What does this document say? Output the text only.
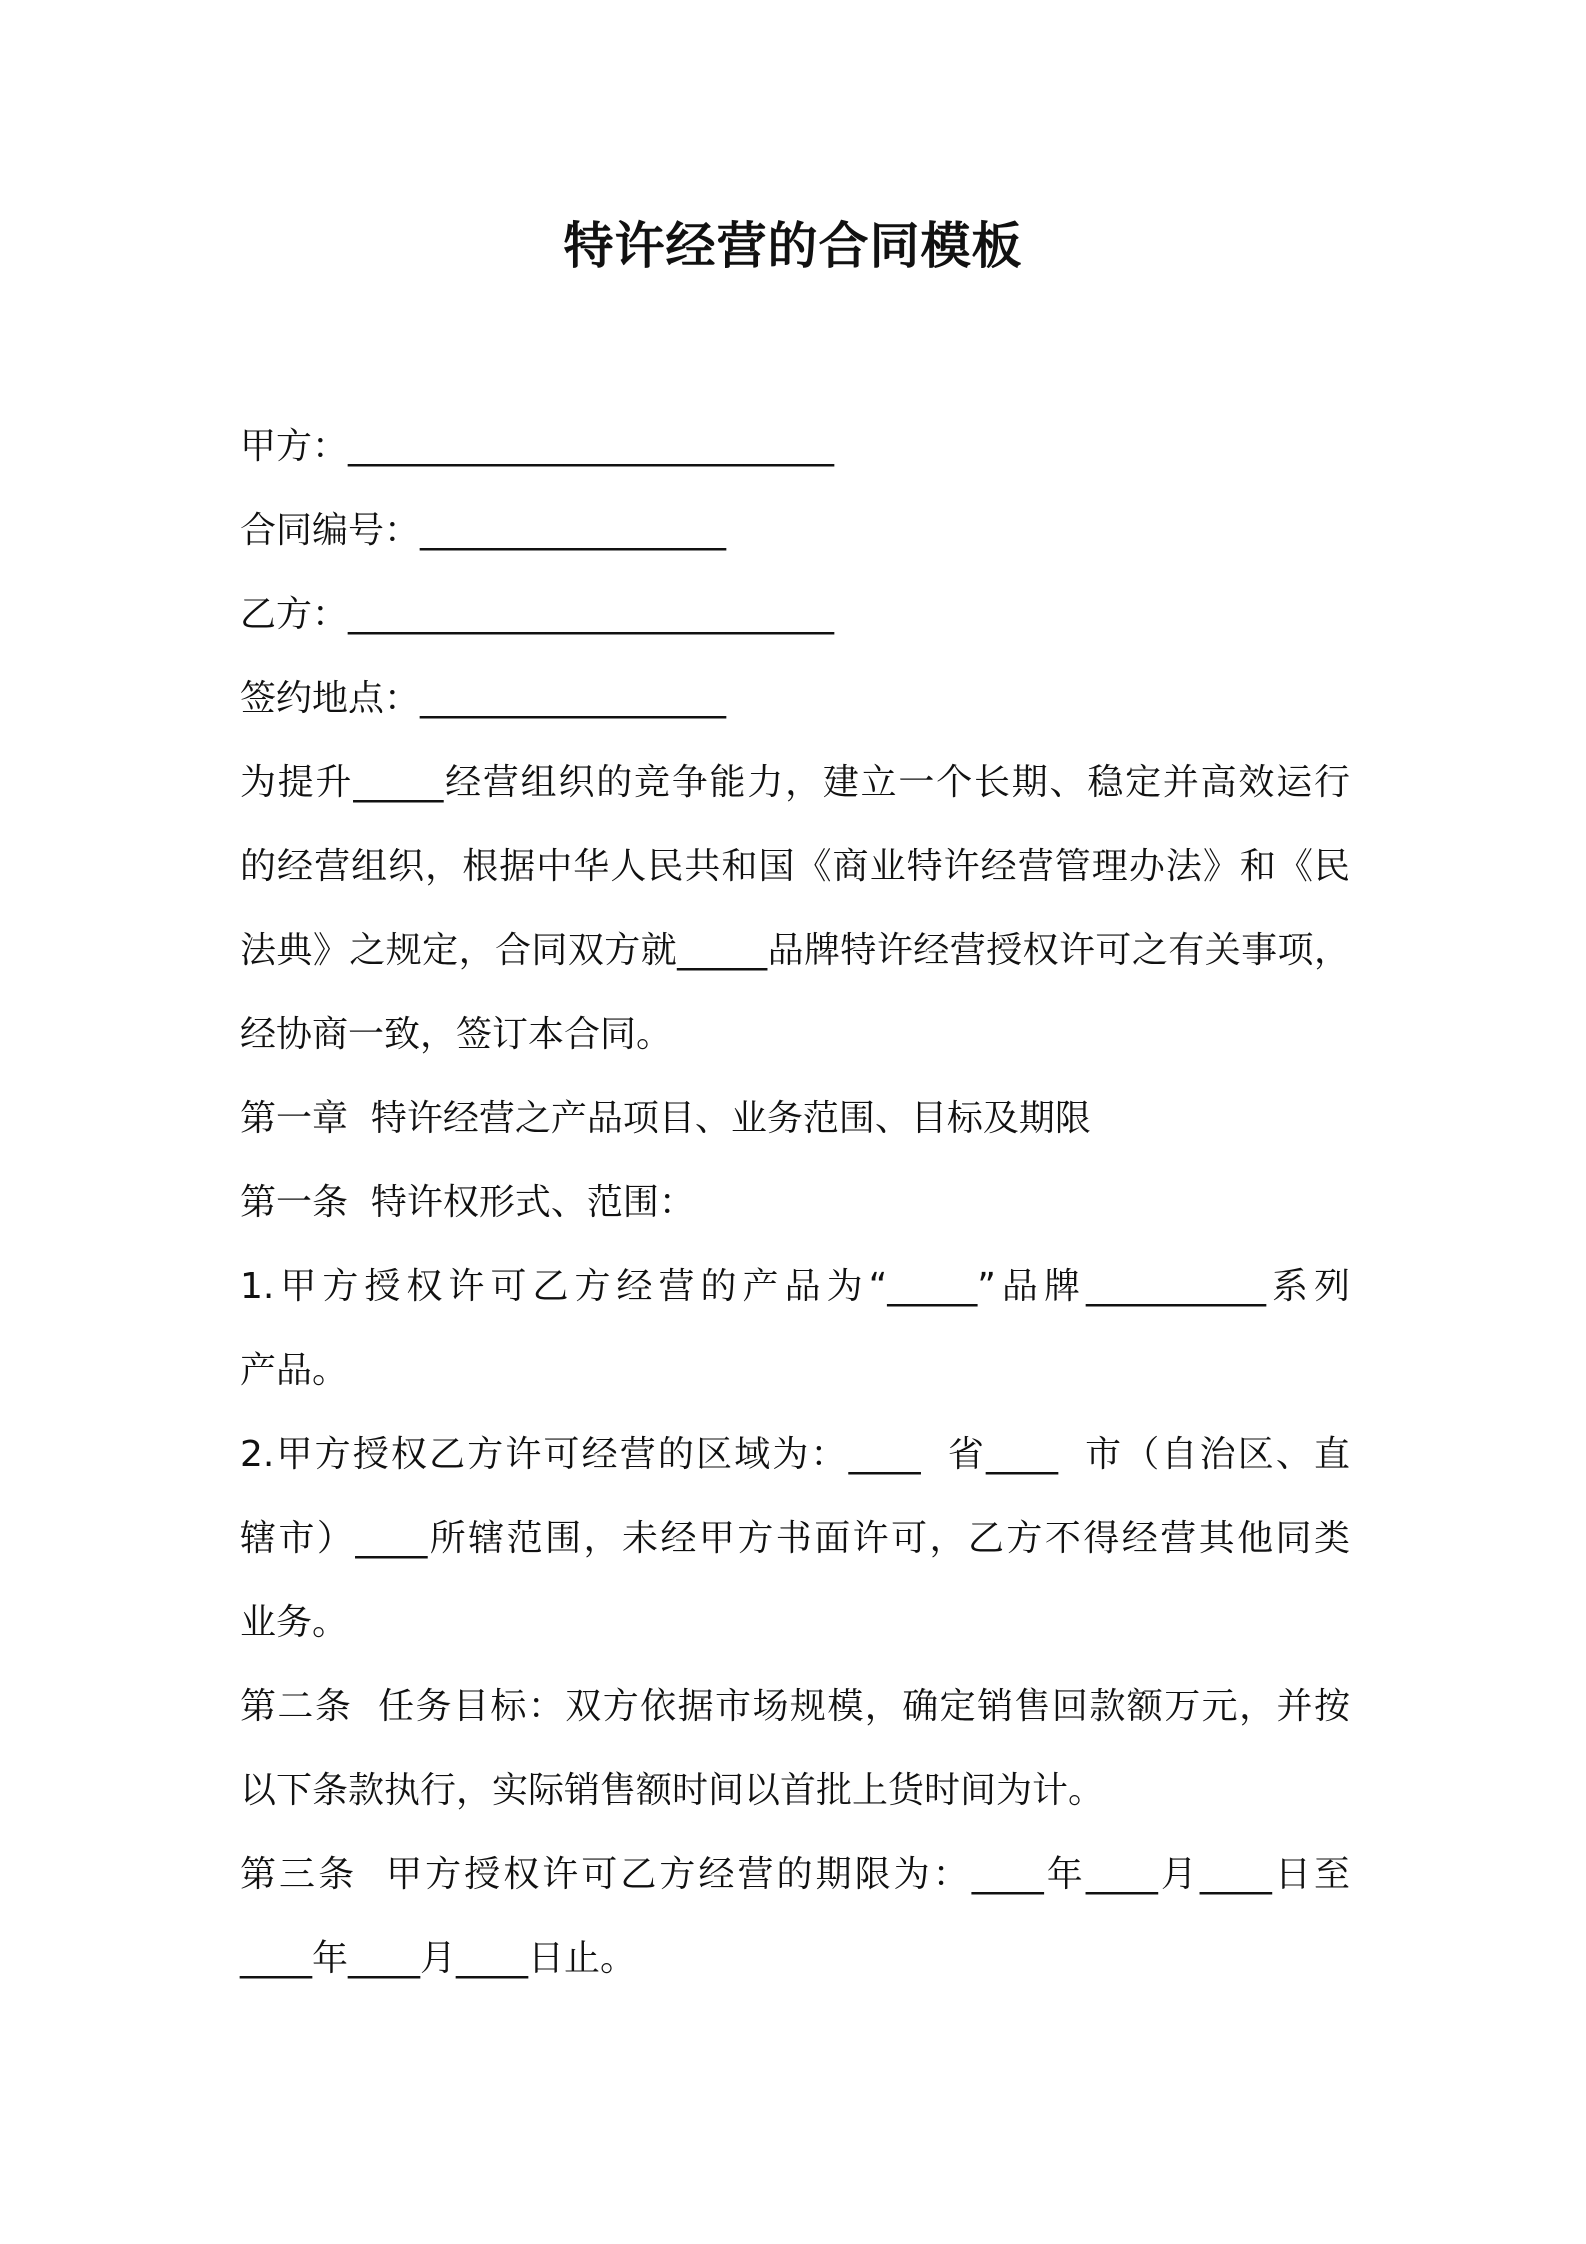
特许经营的合同模板
甲方：___________________________
合同编号：_________________
乙方：___________________________
签约地点：_________________
为提升_____经营组织的竞争能力，建立一个长期、稳定并高效运行
的经营组织，根据中华人民共和国《商业特许经营管理办法》和《民
法典》之规定，合同双方就_____品牌特许经营授权许可之有关事项，
经协商一致，签订本合同。
第一章  特许经营之产品项目、业务范围、目标及期限
第一条  特许权形式、范围：
1.甲方授权许可乙方经营的产品为“_____”品牌__________系列
产品。
2.甲方授权乙方许可经营的区域为：____  省____  市（自治区、直
辖市）____所辖范围，未经甲方书面许可，乙方不得经营其他同类
业务。
第二条  任务目标：双方依据市场规模，确定销售回款额万元，并按
以下条款执行，实际销售额时间以首批上货时间为计。
第三条  甲方授权许可乙方经营的期限为：____年____月____日至
____年____月____日止。
